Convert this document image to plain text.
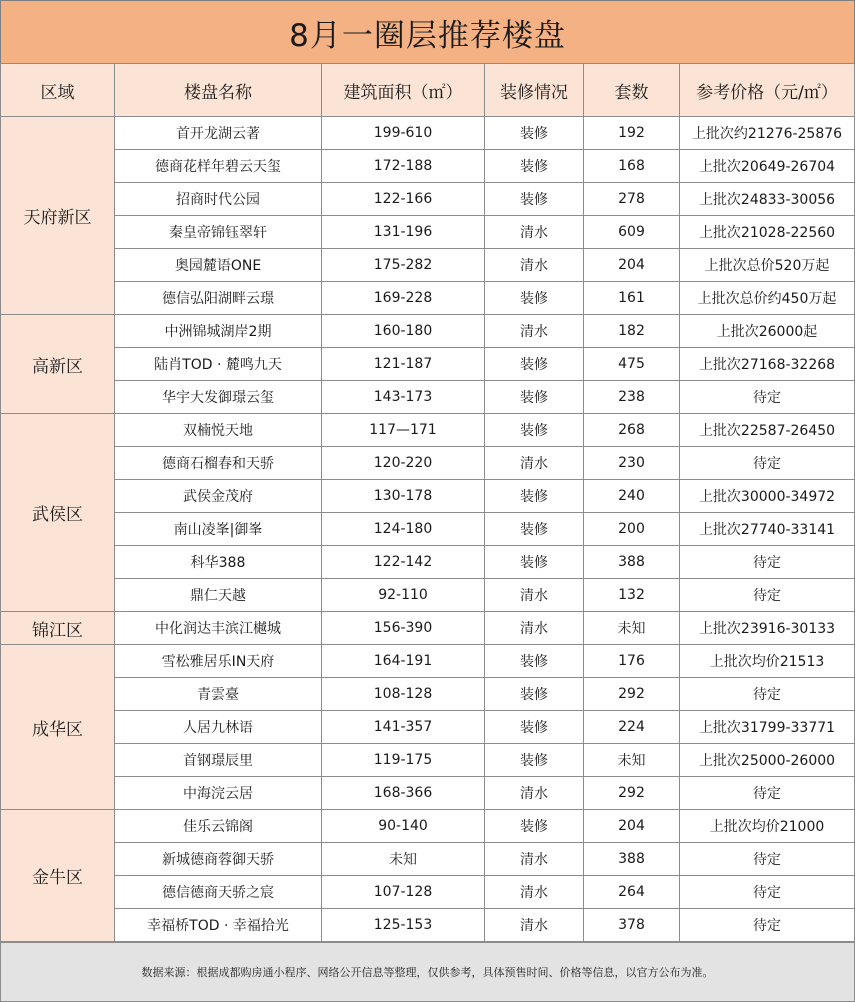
8月一圈层推荐楼盘
区域	楼盘名称	建筑面积（㎡）	装修情况	套数	参考价格（元/㎡）
天府新区	首开龙湖云著	199-610	装修	192	上批次约21276-25876
	德商花样年碧云天玺	172-188	装修	168	上批次20649-26704
	招商时代公园	122-166	装修	278	上批次24833-30056
	秦皇帝锦钰翠轩	131-196	清水	609	上批次21028-22560
	奥园麓语ONE	175-282	清水	204	上批次总价520万起
	德信弘阳湖畔云璟	169-228	装修	161	上批次总价约450万起
高新区	中洲锦城湖岸2期	160-180	清水	182	上批次26000起
	陆肖TOD · 麓鸣九天	121-187	装修	475	上批次27168-32268
	华宇大发御璟云玺	143-173	装修	238	待定
武侯区	双楠悦天地	117—171	装修	268	上批次22587-26450
	德商石榴春和天骄	120-220	清水	230	待定
	武侯金茂府	130-178	装修	240	上批次30000-34972
	南山凌峯|御峯	124-180	装修	200	上批次27740-33141
	科华388	122-142	装修	388	待定
	鼎仁天越	92-110	清水	132	待定
锦江区	中化润达丰滨江樾城	156-390	清水	未知	上批次23916-30133
成华区	雪松雅居乐IN天府	164-191	装修	176	上批次均价21513
	青雲臺	108-128	装修	292	待定
	人居九林语	141-357	装修	224	上批次31799-33771
	首钢璟辰里	119-175	装修	未知	上批次25000-26000
	中海浣云居	168-366	清水	292	待定
金牛区	佳乐云锦阁	90-140	装修	204	上批次均价21000
	新城德商蓉御天骄	未知	清水	388	待定
	德信德商天骄之宸	107-128	清水	264	待定
	幸福桥TOD · 幸福拾光	125-153	清水	378	待定
数据来源：根据成都购房通小程序、网络公开信息等整理，仅供参考，具体预售时间、价格等信息，以官方公布为准。
